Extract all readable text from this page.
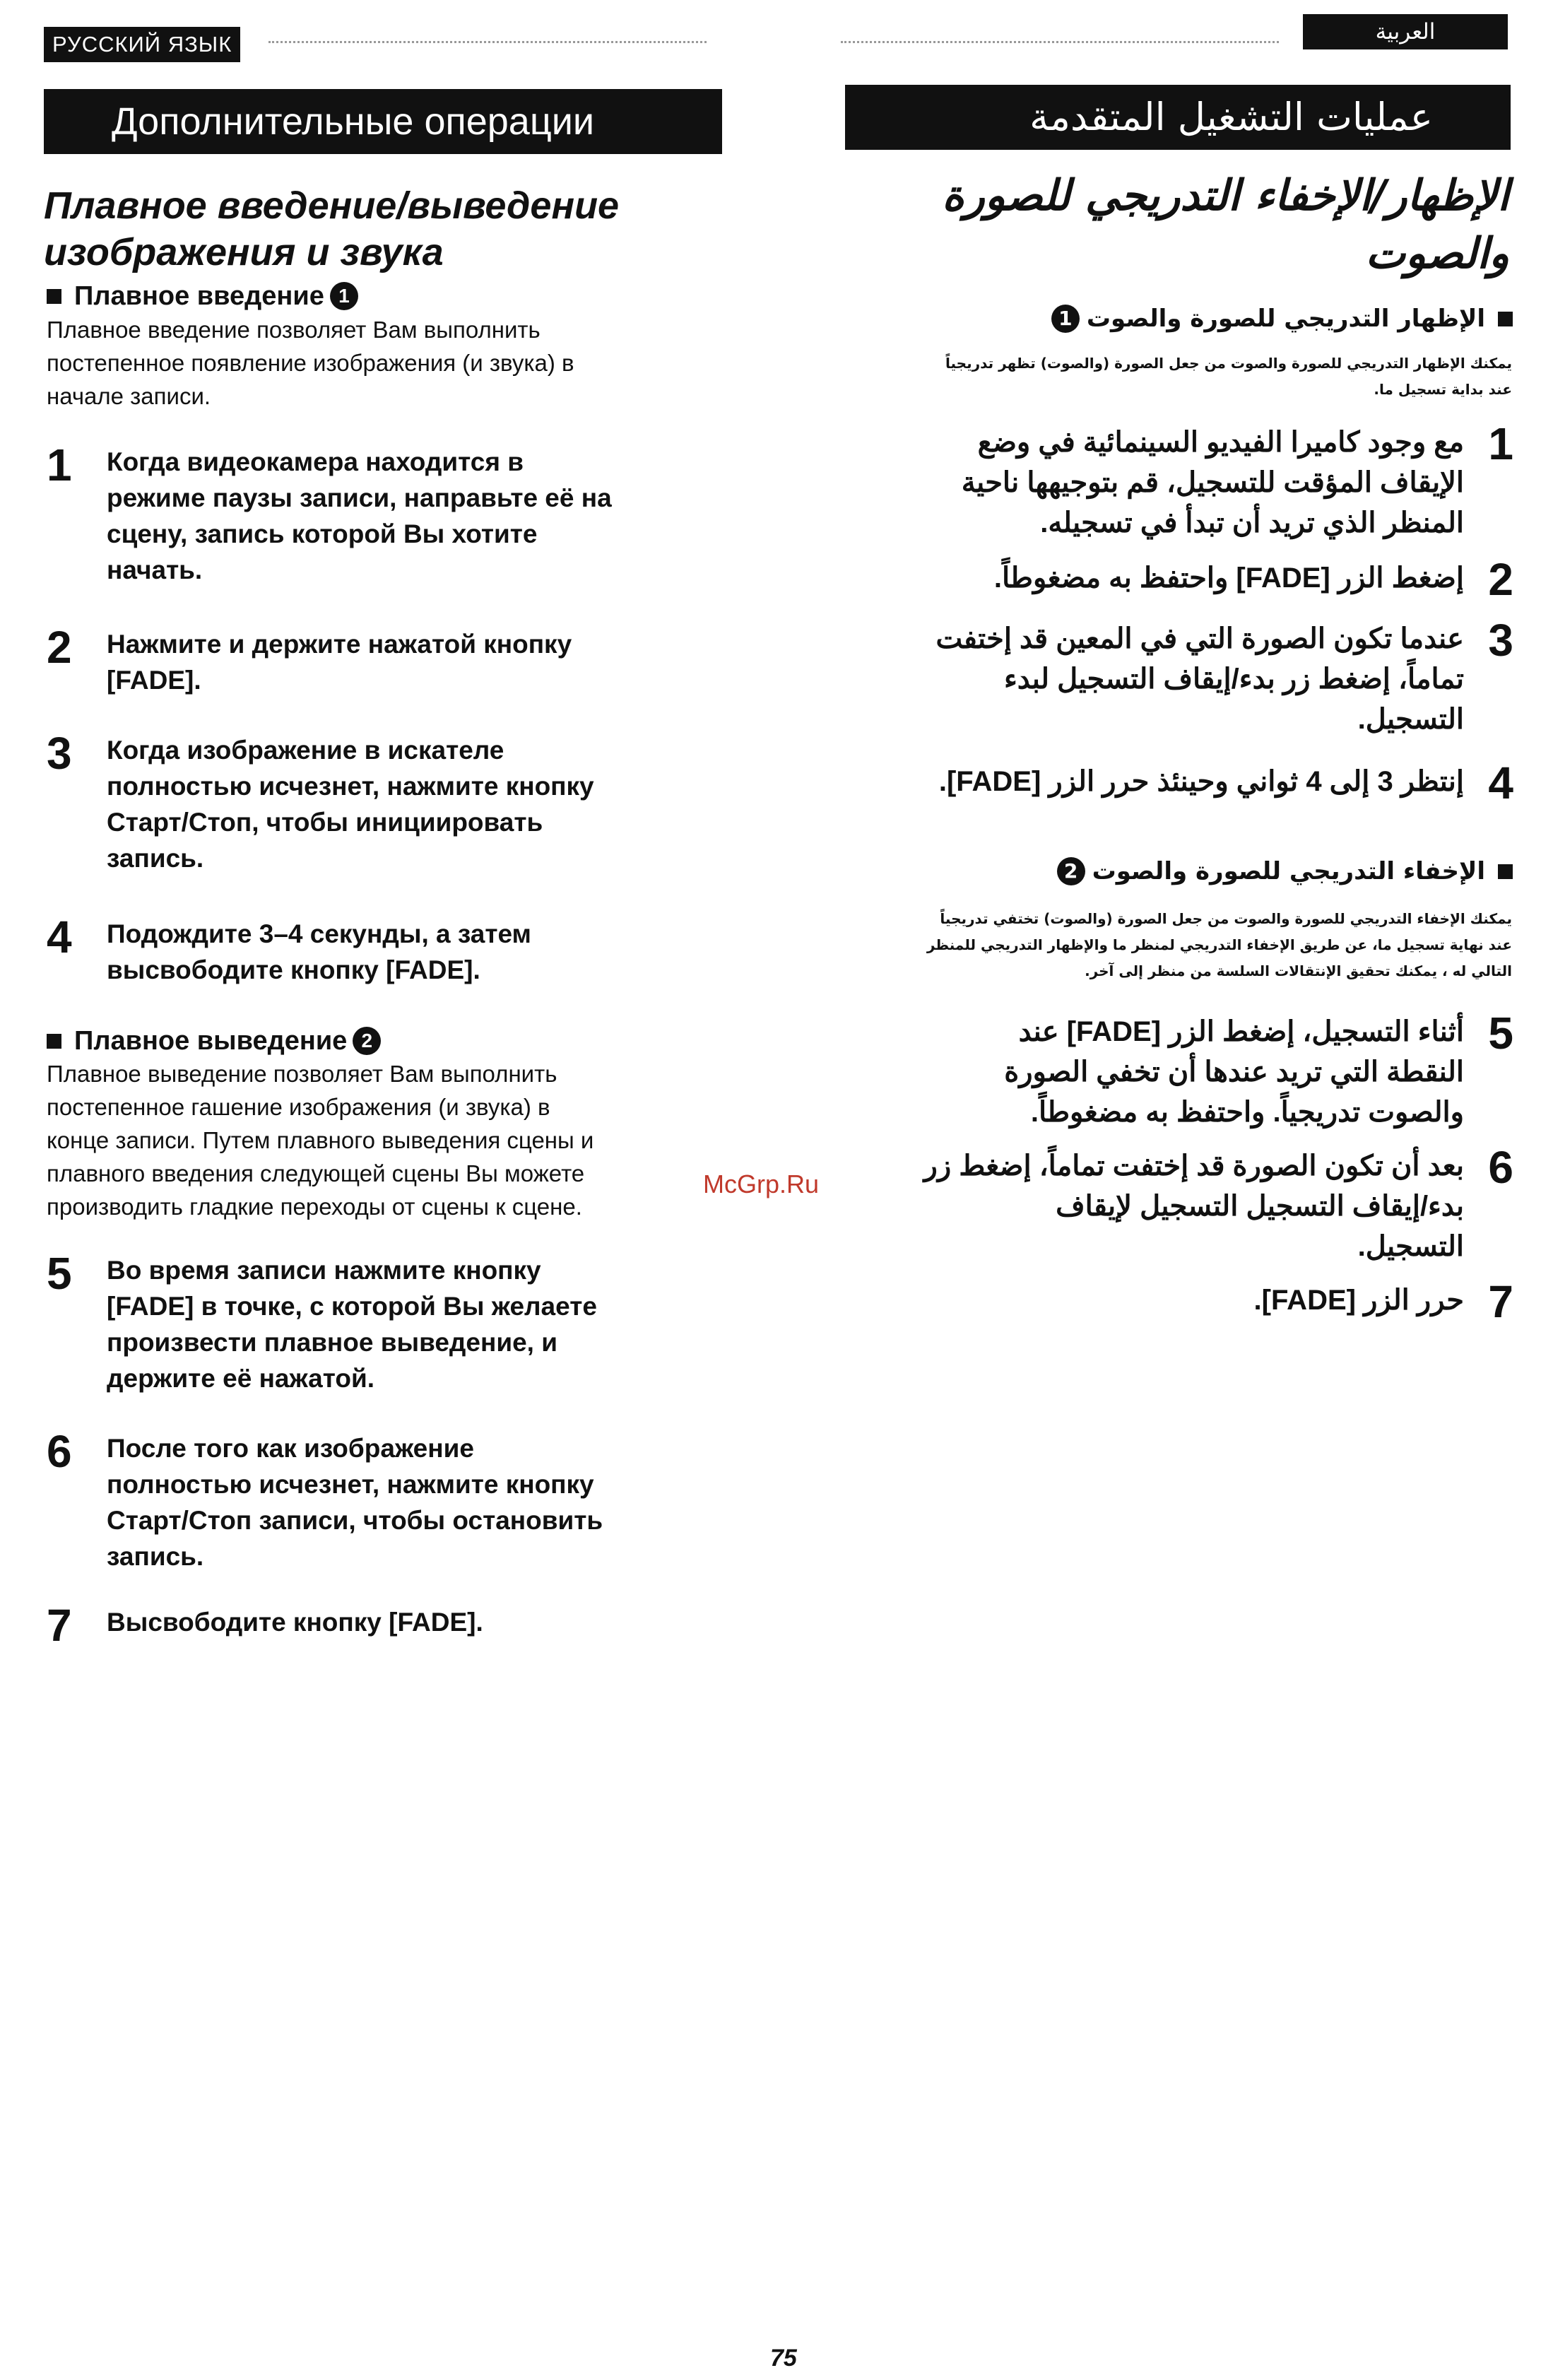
РУССКИЙ ЯЗЫК
العربية
Дополнительные операции
Плавное введение/выведение
изображения и звука
Плавное введение 1
Плавное введение позволяет Вам выполнить
постепенное появление изображения (и звука) в
начале записи.
1	Когда видеокамера находится в
режиме паузы записи, направьте её на
сцену, запись которой Вы хотите
начать.
2	Нажмите и держите нажатой кнопку
[FADE].
3	Когда изображение в искателе
полностью исчезнет, нажмите кнопку
Старт/Стоп, чтобы инициировать
запись.
4	Подождите 3–4 секунды, а затем
высвободите кнопку [FADE].
Плавное выведение 2
Плавное выведение позволяет Вам выполнить
постепенное гашение изображения (и звука) в
конце записи. Путем плавного выведения сцены и
плавного введения следующей сцены Вы можете
производить гладкие переходы от сцены к сцене.
5	Во время записи нажмите кнопку
[FADE] в точке, с которой Вы желаете
произвести плавное выведение, и
держите её нажатой.
6	После того как изображение
полностью исчезнет, нажмите кнопку
Старт/Стоп записи, чтобы остановить
запись.
7	Высвободите кнопку [FADE].
McGrp.Ru
عمليات التشغيل المتقدمة
الإظهار/الإخفاء التدريجي للصورة
والصوت
الإظهار التدريجي للصورة والصوت
1
يمكنك الإظهار التدريجي للصورة والصوت من جعل الصورة (والصوت) تظهر تدريجياً
عند بداية تسجيل ما.
1
مع وجود كاميرا الفيديو السينمائية في وضع
الإيقاف المؤقت للتسجيل، قم بتوجيهها ناحية
المنظر الذي تريد أن تبدأ في تسجيله.
2
إضغط الزر [FADE] واحتفظ به مضغوطاً.
3
عندما تكون الصورة التي في المعين قد إختفت
تماماً، إضغط زر بدء/إيقاف التسجيل لبدء
التسجيل.
4
إنتظر 3 إلى 4 ثواني وحينئذ حرر الزر [FADE].
الإخفاء التدريجي للصورة والصوت
2
يمكنك الإخفاء التدريجي للصورة والصوت من جعل الصورة (والصوت) تختفي تدريجياً
عند نهاية تسجيل ما، عن طريق الإخفاء التدريجي لمنظر ما والإظهار التدريجي للمنظر
التالي له ، يمكنك تحقيق الإنتقالات السلسة من منظر إلى آخر.
5
أثناء التسجيل، إضغط الزر [FADE] عند
النقطة التي تريد عندها أن تخفي الصورة
والصوت تدريجياً. واحتفظ به مضغوطاً.
6
بعد أن تكون الصورة قد إختفت تماماً، إضغط زر
بدء/إيقاف التسجيل التسجيل لإيقاف
التسجيل.
7
حرر الزر [FADE].
75
